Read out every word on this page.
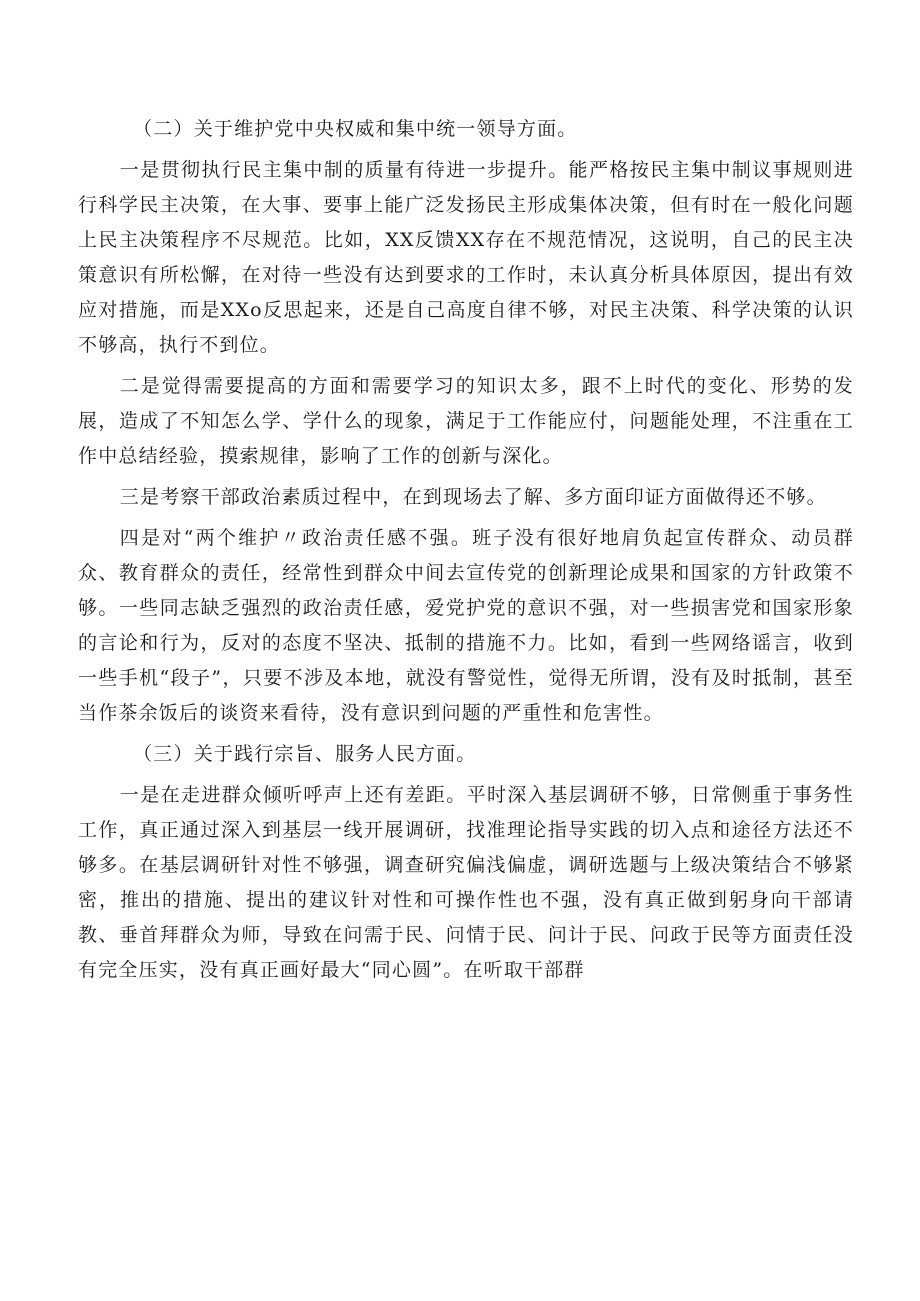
（二）关于维护党中央权威和集中统一领导方面。

一是贯彻执行民主集中制的质量有待进一步提升。能严格按民主集中制议事规则进行科学民主决策，在大事、要事上能广泛发扬民主形成集体决策，但有时在一般化问题上民主决策程序不尽规范。比如，XX反馈XX存在不规范情况，这说明，自己的民主决策意识有所松懈，在对待一些没有达到要求的工作时，未认真分析具体原因，提出有效应对措施，而是XXo反思起来，还是自己高度自律不够，对民主决策、科学决策的认识不够高，执行不到位。

二是觉得需要提高的方面和需要学习的知识太多，跟不上时代的变化、形势的发展，造成了不知怎么学、学什么的现象，满足于工作能应付，问题能处理，不注重在工作中总结经验，摸索规律，影响了工作的创新与深化。

三是考察干部政治素质过程中，在到现场去了解、多方面印证方面做得还不够。

四是对“两个维护〃政治责任感不强。班子没有很好地肩负起宣传群众、动员群众、教育群众的责任，经常性到群众中间去宣传党的创新理论成果和国家的方针政策不够。一些同志缺乏强烈的政治责任感，爱党护党的意识不强，对一些损害党和国家形象的言论和行为，反对的态度不坚决、抵制的措施不力。比如，看到一些网络谣言，收到一些手机“段子”，只要不涉及本地，就没有警觉性，觉得无所谓，没有及时抵制，甚至当作茶余饭后的谈资来看待，没有意识到问题的严重性和危害性。

（三）关于践行宗旨、服务人民方面。

一是在走进群众倾听呼声上还有差距。平时深入基层调研不够，日常侧重于事务性工作，真正通过深入到基层一线开展调研，找准理论指导实践的切入点和途径方法还不够多。在基层调研针对性不够强，调查研究偏浅偏虚，调研选题与上级决策结合不够紧密，推出的措施、提出的建议针对性和可操作性也不强，没有真正做到躬身向干部请教、垂首拜群众为师，导致在问需于民、问情于民、问计于民、问政于民等方面责任没有完全压实，没有真正画好最大“同心圆”。在听取干部群
